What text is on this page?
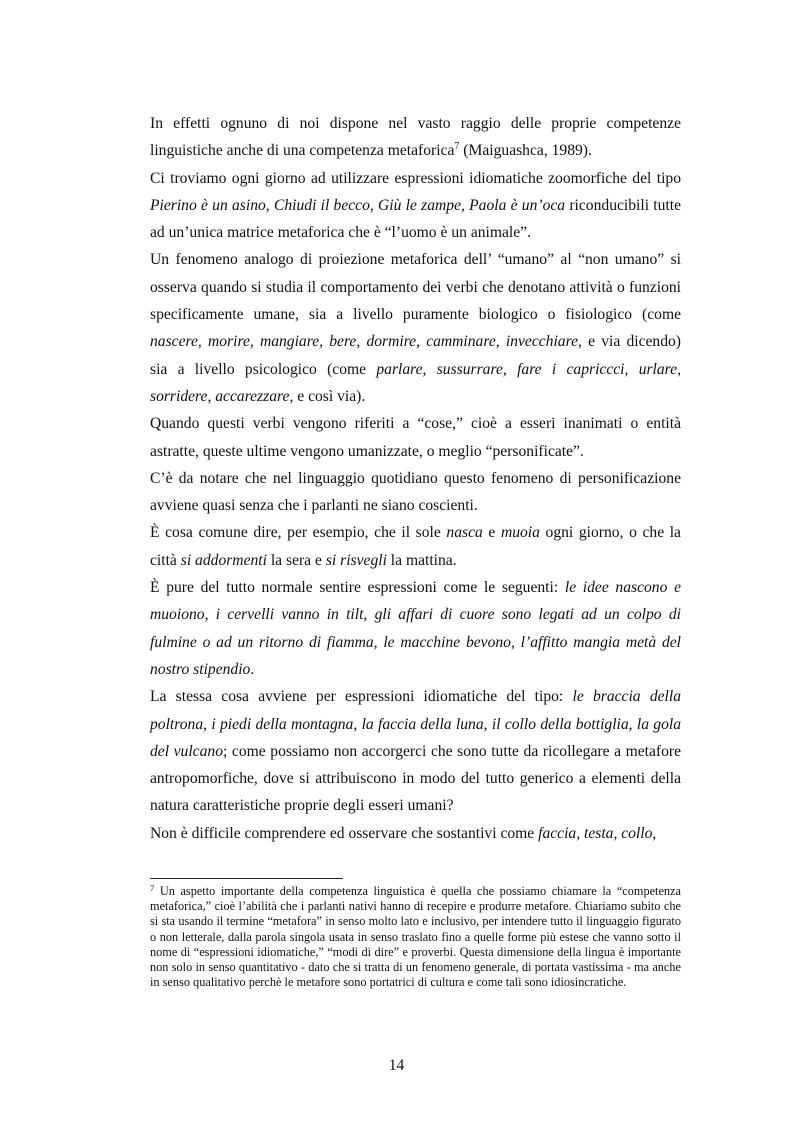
In effetti ognuno di noi dispone nel vasto raggio delle proprie competenze linguistiche anche di una competenza metaforica$^7$ (Maiguashca, 1989).

Ci troviamo ogni giorno ad utilizzare espressioni idiomatiche zoomorfiche del tipo Pierino è un asino, Chiudi il becco, Giù le zampe, Paola è un’oca riconducibili tutte ad un’unica matrice metaforica che è “l’uomo è un animale”.

Un fenomeno analogo di proiezione metaforica dell’ “umano” al “non umano” si osserva quando si studia il comportamento dei verbi che denotano attività o funzioni specificamente umane, sia a livello puramente biologico o fisiologico (come nascere, morire, mangiare, bere, dormire, camminare, invecchiare, e via dicendo) sia a livello psicologico (come parlare, sussurrare, fare i capriccci, urlare, sorridere, accarezzare, e così via).

Quando questi verbi vengono riferiti a “cose,” cioè a esseri inanimati o entità astratte, queste ultime vengono umanizzate, o meglio “personificate”.

C’è da notare che nel linguaggio quotidiano questo fenomeno di personificazione avviene quasi senza che i parlanti ne siano coscienti.

È cosa comune dire, per esempio, che il sole nasca e muoia ogni giorno, o che la città si addormenti la sera e si risvegli la mattina.

È pure del tutto normale sentire espressioni come le seguenti: le idee nascono e muoiono, i cervelli vanno in tilt, gli affari di cuore sono legati ad un colpo di fulmine o ad un ritorno di fiamma, le macchine bevono, l’affitto mangia metà del nostro stipendio.

La stessa cosa avviene per espressioni idiomatiche del tipo: le braccia della poltrona, i piedi della montagna, la faccia della luna, il collo della bottiglia, la gola del vulcano; come possiamo non accorgerci che sono tutte da ricollegare a metafore antropomorfiche, dove si attribuiscono in modo del tutto generico a elementi della natura caratteristiche proprie degli esseri umani?

Non è difficile comprendere ed osservare che sostantivi come faccia, testa, collo,

$^7$ Un aspetto importante della competenza linguistica è quella che possiamo chiamare la “competenza metaforica,” cioè l’abilità che i parlanti nativi hanno di recepire e produrre metafore. Chiariamo subito che si sta usando il termine “metafora” in senso molto lato e inclusivo, per intendere tutto il linguaggio figurato o non letterale, dalla parola singola usata in senso traslato fino a quelle forme più estese che vanno sotto il nome di “espressioni idiomatiche,” “modi di dire” e proverbi. Questa dimensione della lingua è importante non solo in senso quantitativo - dato che si tratta di un fenomeno generale, di portata vastissima - ma anche in senso qualitativo perchè le metafore sono portatrici di cultura e come tali sono idiosincratiche.

14
